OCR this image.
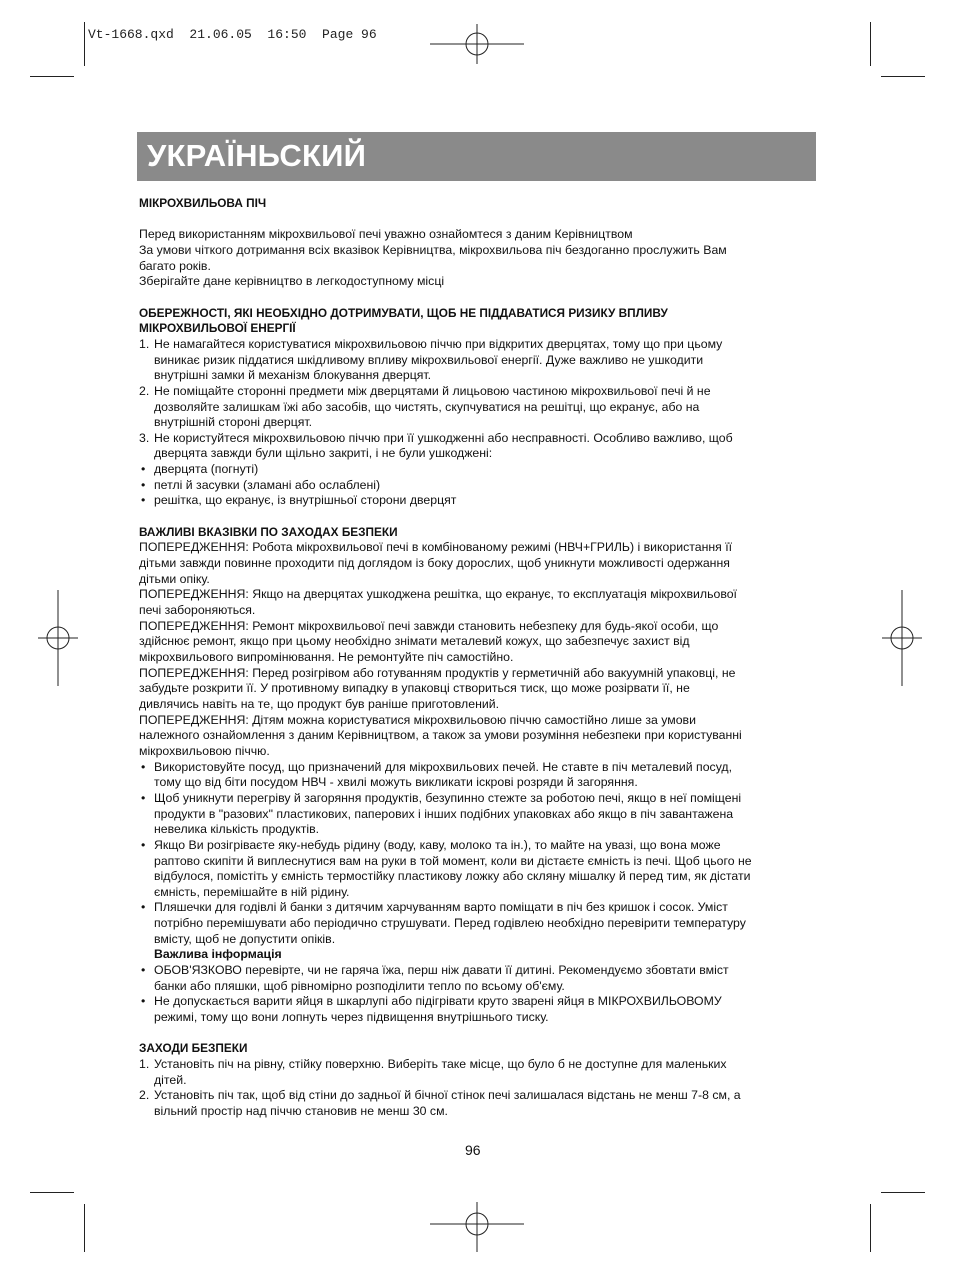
Vt-1668.qxd  21.06.05  16:50  Page 96
УКРАЇНЬСКИЙ
МІКРОХВИЛЬОВА ПІЧ
Перед використанням мікрохвильової печі уважно ознайомтеся з даним Керівництвом
За умови чіткого дотримання всіх вказівок Керівництва, мікрохвильова піч бездоганно прослужить Вам
багато років.
Зберігайте дане керівництво в легкодоступному місці
ОБЕРЕЖНОСТІ, ЯКІ НЕОБХІДНО ДОТРИМУВАТИ, ЩОБ НЕ ПІДДАВАТИСЯ РИЗИКУ ВПЛИВУ
МІКРОХВИЛЬОВОЇ ЕНЕРГІЇ
1. Не намагайтеся користуватися мікрохвильовою піччю при відкритих дверцятах, тому що при цьому
виникає ризик піддатися шкідливому впливу мікрохвильової енергії. Дуже важливо не ушкодити
внутрішні замки й механізм блокування дверцят.
2. Не поміщайте сторонні предмети між дверцятами й лицьовою частиною мікрохвильової печі й не
дозволяйте залишкам їжі або засобів, що чистять, скупчуватися на решітці, що екранує, або на
внутрішній стороні дверцят.
3. Не користуйтеся мікрохвильовою піччю при її ушкодженні або несправності. Особливо важливо, щоб
дверцята завжди були щільно закриті, і не були ушкоджені:
• дверцята (погнуті)
• петлі й засувки (зламані або ослаблені)
• решітка, що екранує, із внутрішньої сторони дверцят
ВАЖЛИВІ ВКАЗІВКИ ПО ЗАХОДАХ БЕЗПЕКИ
ПОПЕРЕДЖЕННЯ: Робота мікрохвильової печі в комбінованому режимі (НВЧ+ГРИЛЬ) і використання її
дітьми завжди повинне проходити під доглядом із боку дорослих, щоб уникнути можливості одержання
дітьми опіку.
ПОПЕРЕДЖЕННЯ: Якщо на дверцятах ушкоджена решітка, що екранує, то експлуатація мікрохвильової
печі забороняються.
ПОПЕРЕДЖЕННЯ: Ремонт мікрохвильової печі завжди становить небезпеку для будь-якої особи, що
здійснює ремонт, якщо при цьому необхідно знімати металевий кожух, що забезпечує захист від
мікрохвильового випромінювання. Не ремонтуйте піч самостійно.
ПОПЕРЕДЖЕННЯ: Перед розігрівом або готуванням продуктів у герметичній або вакуумній упаковці, не
забудьте розкрити її. У противному випадку в упаковці створиться тиск, що може розірвати її, не
дивлячись навіть на те, що продукт був раніше приготовлений.
ПОПЕРЕДЖЕННЯ: Дітям можна користуватися мікрохвильовою піччю самостійно лише за умови
належного ознайомлення з даним Керівництвом, а також за умови розуміння небезпеки при користуванні
мікрохвильовою піччю.
• Використовуйте посуд, що призначений для мікрохвильових печей. Не ставте в піч металевий посуд,
тому що від біти посудом НВЧ - хвилі можуть викликати іскрові розряди й загоряння.
• Щоб уникнути перегріву й загоряння продуктів, безупинно стежте за роботою печі, якщо в неї поміщені
продукти в "разових" пластикових, паперових і інших подібних упаковках або якщо в піч завантажена
невелика кількість продуктів.
• Якщо Ви розігріваєте яку-небудь рідину (воду, каву, молоко та ін.), то майте на увазі, що вона може
раптово скипіти й виплеснутися вам на руки в той момент, коли ви дістаєте ємність із печі. Щоб цього не
відбулося, помістіть у ємність термостійку пластикову ложку або скляну мішалку й перед тим, як дістати
ємність, перемішайте в ній рідину.
• Пляшечки для годівлі й банки з дитячим харчуванням варто поміщати в піч без кришок і сосок. Уміст
потрібно перемішувати або періодично струшувати. Перед годівлею необхідно перевірити температуру
вмісту, щоб не допустити опіків.
Важлива інформація
• ОБОВ'ЯЗКОВО перевірте, чи не гаряча їжа, перш ніж давати її дитині. Рекомендуємо збовтати вміст
банки або пляшки, щоб рівномірно розподілити тепло по всьому об'єму.
• Не допускається варити яйця в шкарлупі або підігрівати круто зварені яйця в МІКРОХВИЛЬОВОМУ
режимі, тому що вони лопнуть через підвищення внутрішнього тиску.
ЗАХОДИ БЕЗПЕКИ
1. Установіть піч на рівну, стійку поверхню. Виберіть таке місце, що було б не доступне для маленьких
дітей.
2. Установіть піч так, щоб від стіни до задньої й бічної стінок печі залишалася відстань не менш 7-8 см, а
вільний простір над піччю становив не менш 30 см.
96
